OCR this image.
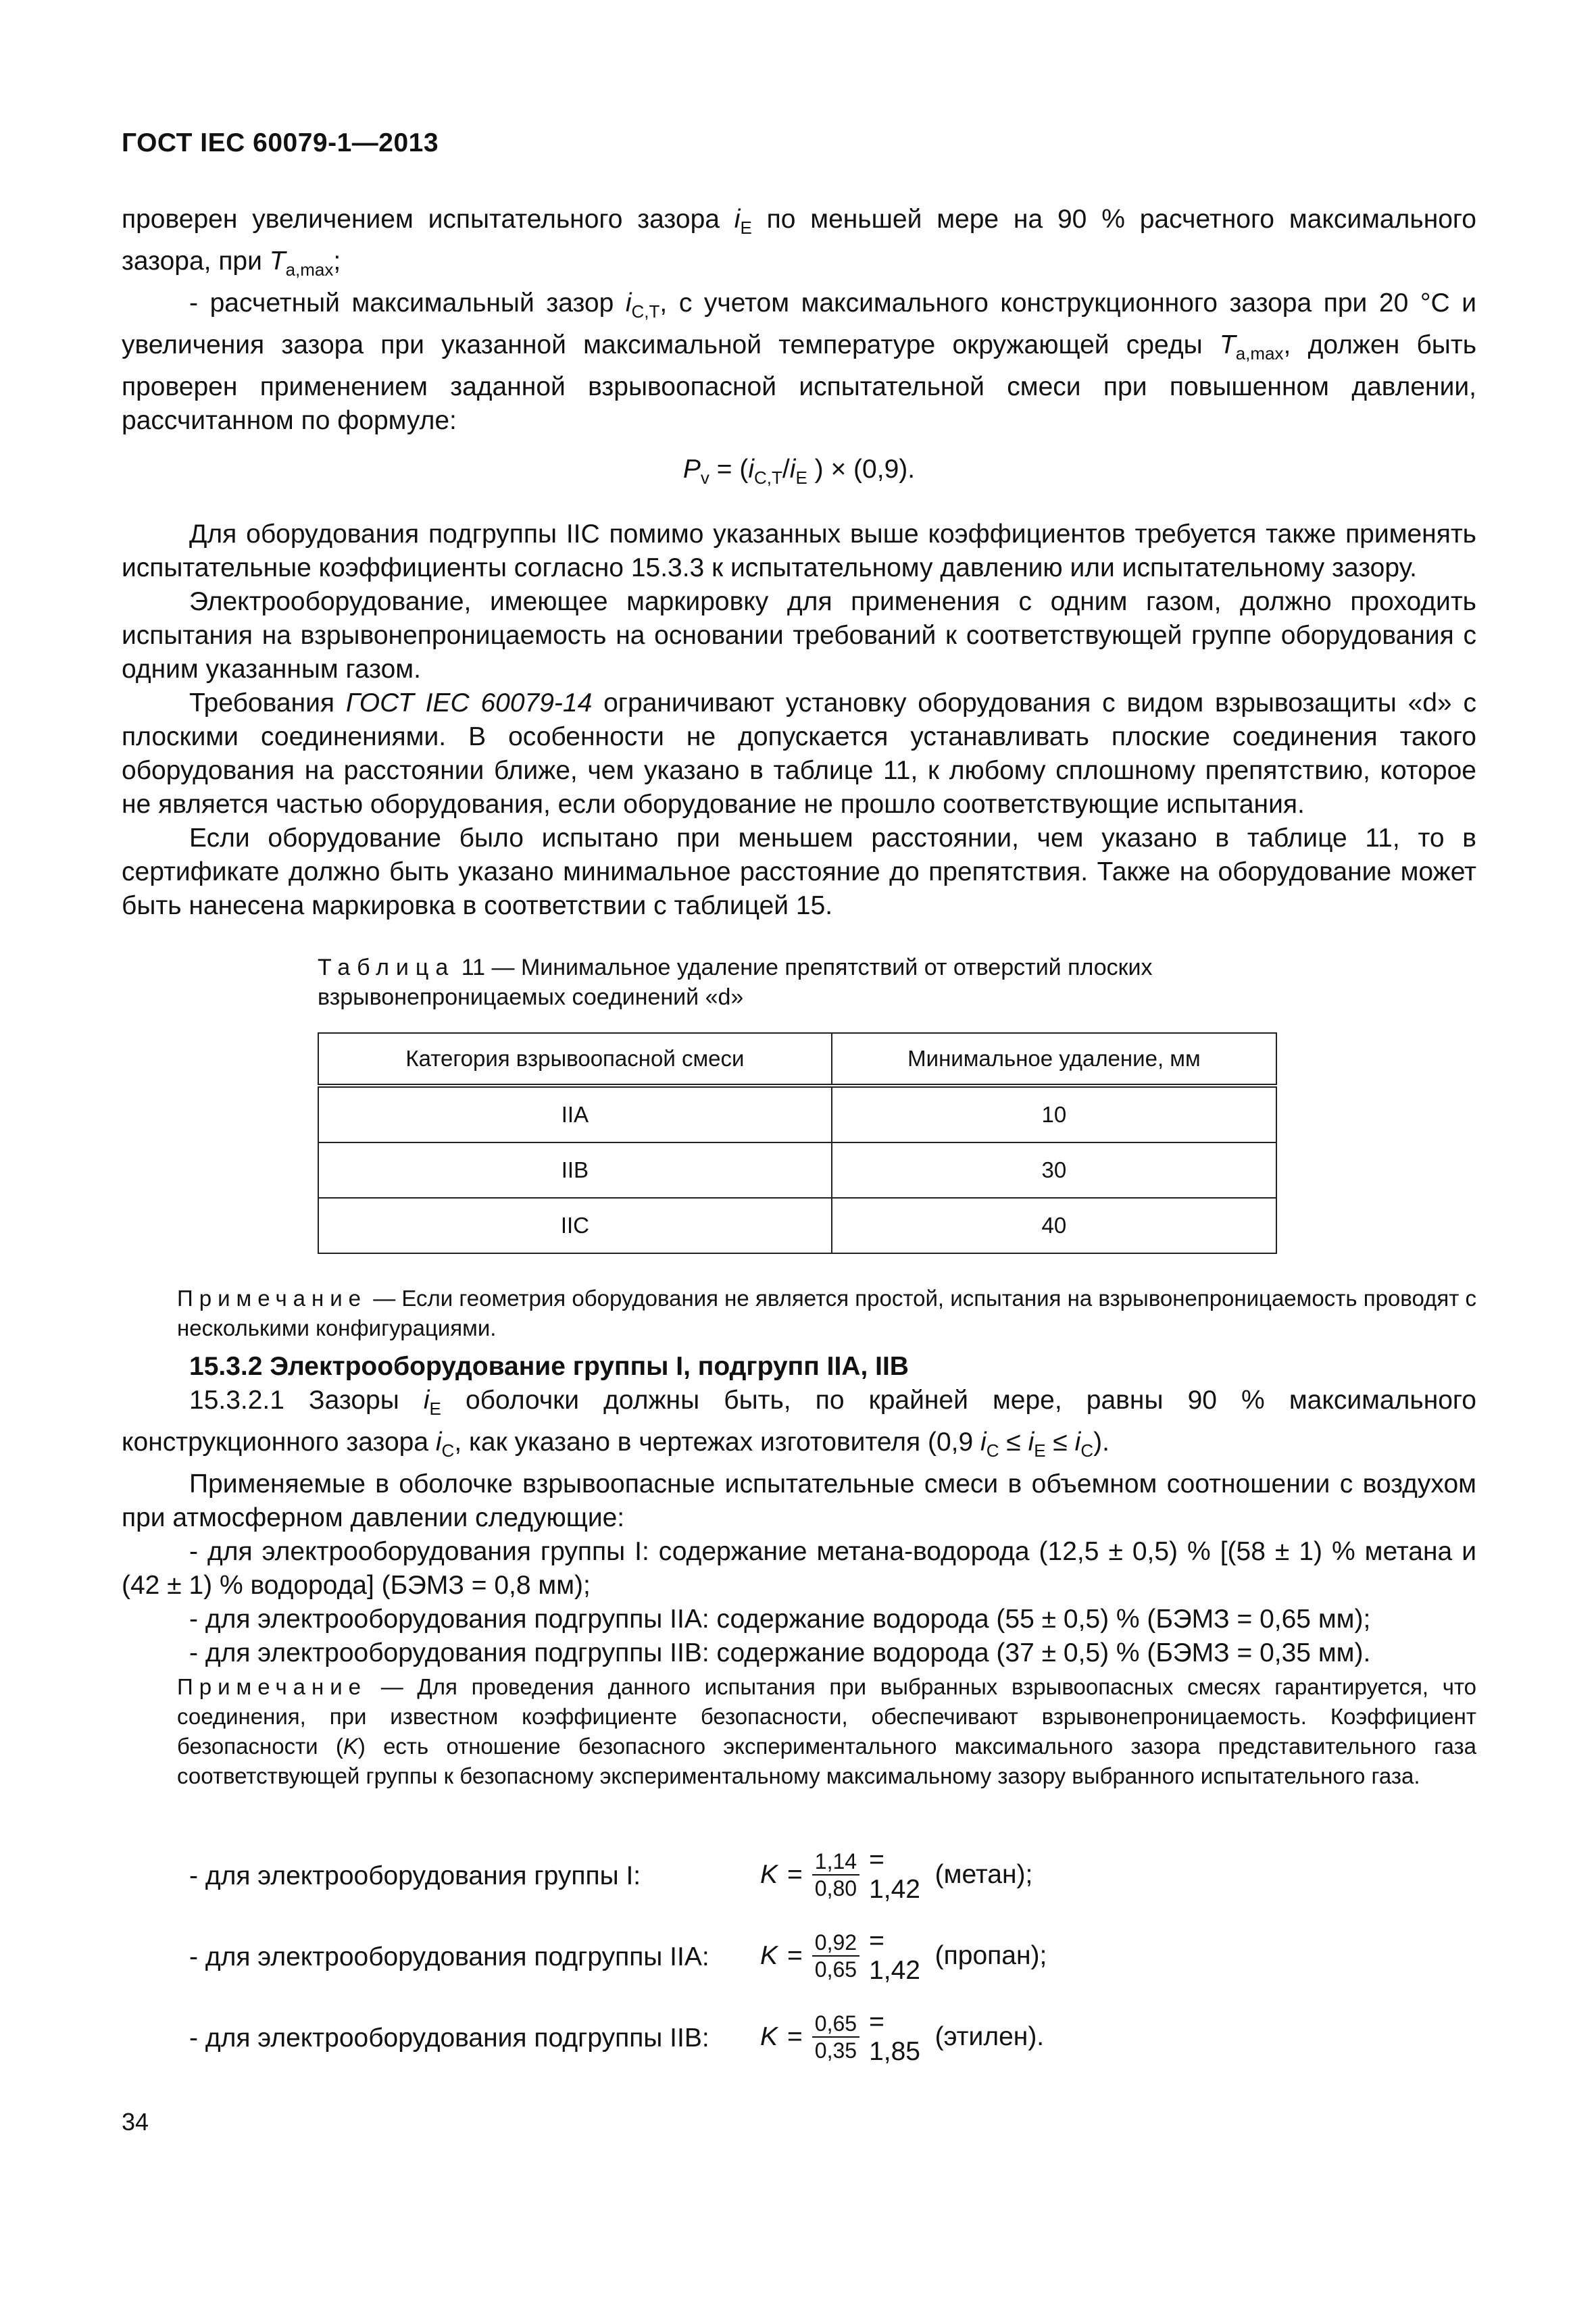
ГОСТ IEC 60079-1—2013

проверен увеличением испытательного зазора $i_E$ по меньшей мере на 90 % расчетного максимального зазора, при $T_{a,max}$;

- расчетный максимальный зазор $i_{C,T}$, с учетом максимального конструкционного зазора при 20 °С и увеличения зазора при указанной максимальной температуре окружающей среды $T_{a,max}$, должен быть проверен применением заданной взрывоопасной испытательной смеси при повышенном давлении, рассчитанном по формуле:

$P_v = (i_{C,T}/i_E$ ) × (0,9).

Для оборудования подгруппы IIC помимо указанных выше коэффициентов требуется также применять испытательные коэффициенты согласно 15.3.3 к испытательному давлению или испытательному зазору.

Электрооборудование, имеющее маркировку для применения с одним газом, должно проходить испытания на взрывонепроницаемость на основании требований к соответствующей группе оборудования с одним указанным газом.

Требования ГОСТ IEC 60079-14 ограничивают установку оборудования с видом взрывозащиты «d» с плоскими соединениями. В особенности не допускается устанавливать плоские соединения такого оборудования на расстоянии ближе, чем указано в таблице 11, к любому сплошному препятствию, которое не является частью оборудования, если оборудование не прошло соответствующие испытания.

Если оборудование было испытано при меньшем расстоянии, чем указано в таблице 11, то в сертификате должно быть указано минимальное расстояние до препятствия. Также на оборудование может быть нанесена маркировка в соответствии с таблицей 15.

Таблица 11 — Минимальное удаление препятствий от отверстий плоских взрывонепроницаемых соединений «d»
Категория взрывоопасной смеси	Минимальное удаление, мм
IIA	10
IIB	30
IIC	40
Примечание — Если геометрия оборудования не является простой, испытания на взрывонепроницаемость проводят с несколькими конфигурациями.

15.3.2 Электрооборудование группы I, подгрупп IIA, IIB

15.3.2.1 Зазоры $i_E$ оболочки должны быть, по крайней мере, равны 90 % максимального конструкционного зазора $i_C$, как указано в чертежах изготовителя (0,9 $i_C \le i_E \le i_C$).

Применяемые в оболочке взрывоопасные испытательные смеси в объемном соотношении с воздухом при атмосферном давлении следующие:

- для электрооборудования группы I: содержание метана-водорода (12,5 ± 0,5) % [(58 ± 1) % метана и (42 ± 1) % водорода] (БЭМЗ = 0,8 мм);

- для электрооборудования подгруппы IIA: содержание водорода (55 ± 0,5) % (БЭМЗ = 0,65 мм);

- для электрооборудования подгруппы IIB: содержание водорода (37 ± 0,5) % (БЭМЗ = 0,35 мм).

Примечание — Для проведения данного испытания при выбранных взрывоопасных смесях гарантируется, что соединения, при известном коэффициенте безопасности, обеспечивают взрывонепроницаемость. Коэффициент безопасности (K) есть отношение безопасного экспериментального максимального зазора представительного газа соответствующей группы к безопасному экспериментальному максимальному зазору выбранного испытательного газа.
- для электрооборудования группы I:	$K = \frac{1,14}{0,80} = 1,42$

(метан);
- для электрооборудования подгруппы IIA: $K = \frac{0,92}{0,65} = 1,42$

(пропан);
- для электрооборудования подгруппы IIB: $K = \frac{0,65}{0,35} = 1,85$

(этилен).
34
